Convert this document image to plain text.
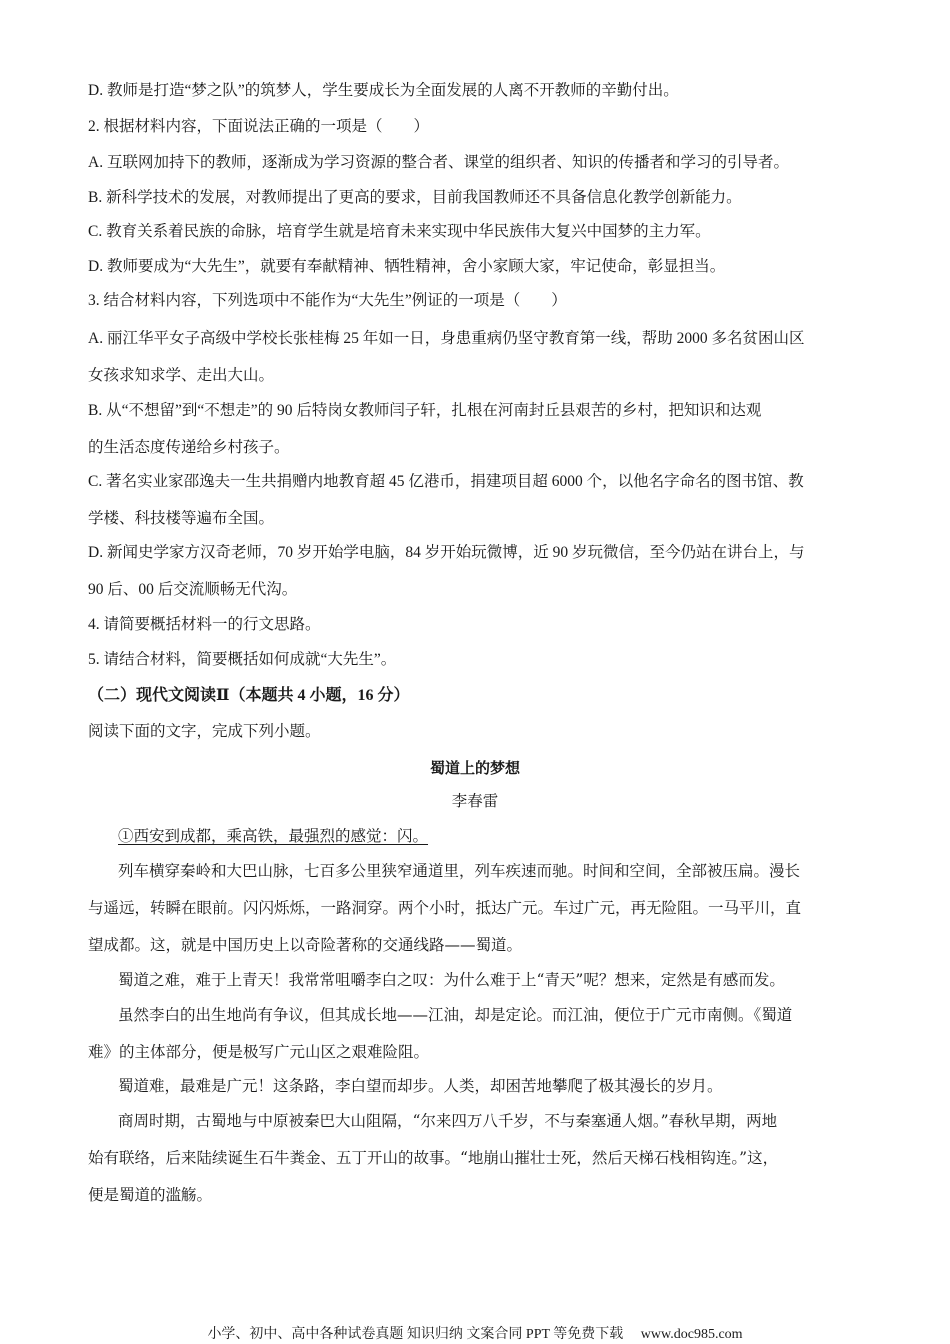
D. 教师是打造“梦之队”的筑梦人，学生要成长为全面发展的人离不开教师的辛勤付出。
2. 根据材料内容，下面说法正确的一项是（　　）
A. 互联网加持下的教师，逐渐成为学习资源的整合者、课堂的组织者、知识的传播者和学习的引导者。
B. 新科学技术的发展，对教师提出了更高的要求，目前我国教师还不具备信息化教学创新能力。
C. 教育关系着民族的命脉，培育学生就是培育未来实现中华民族伟大复兴中国梦的主力军。
D. 教师要成为“大先生”，就要有奉献精神、牺牲精神，舍小家顾大家，牢记使命，彰显担当。
3. 结合材料内容，下列选项中不能作为“大先生”例证的一项是（　　）
A. 丽江华平女子高级中学校长张桂梅 25 年如一日，身患重病仍坚守教育第一线，帮助 2000 多名贫困山区
女孩求知求学、走出大山。
B. 从“不想留”到“不想走”的 90 后特岗女教师闫子轩，扎根在河南封丘县艰苦的乡村，把知识和达观
的生活态度传递给乡村孩子。
C. 著名实业家邵逸夫一生共捐赠内地教育超 45 亿港币，捐建项目超 6000 个，以他名字命名的图书馆、教
学楼、科技楼等遍布全国。
D. 新闻史学家方汉奇老师，70 岁开始学电脑，84 岁开始玩微博，近 90 岁玩微信，至今仍站在讲台上，与
90 后、00 后交流顺畅无代沟。
4. 请简要概括材料一的行文思路。
5. 请结合材料，简要概括如何成就“大先生”。
（二）现代文阅读Ⅱ（本题共 4 小题，16 分）
阅读下面的文字，完成下列小题。
蜀道上的梦想
李春雷
①西安到成都，乘高铁，最强烈的感觉：闪。
列车横穿秦岭和大巴山脉，七百多公里狭窄通道里，列车疾速而驰。时间和空间，全部被压扁。漫长
与遥远，转瞬在眼前。闪闪烁烁，一路洞穿。两个小时，抵达广元。车过广元，再无险阻。一马平川，直
望成都。这，就是中国历史上以奇险著称的交通线路——蜀道。
蜀道之难，难于上青天！我常常咀嚼李白之叹：为什么难于上“青天”呢？想来，定然是有感而发。
虽然李白的出生地尚有争议，但其成长地——江油，却是定论。而江油，便位于广元市南侧。《蜀道
难》的主体部分，便是极写广元山区之艰难险阻。
蜀道难，最难是广元！这条路，李白望而却步。人类，却困苦地攀爬了极其漫长的岁月。
商周时期，古蜀地与中原被秦巴大山阻隔，“尔来四万八千岁，不与秦塞通人烟。”春秋早期，两地
始有联络，后来陆续诞生石牛粪金、五丁开山的故事。“地崩山摧壮士死，然后天梯石栈相钩连。”这，
便是蜀道的滥觞。
小学、初中、高中各种试卷真题 知识归纳 文案合同 PPT 等免费下载　 www.doc985.com
